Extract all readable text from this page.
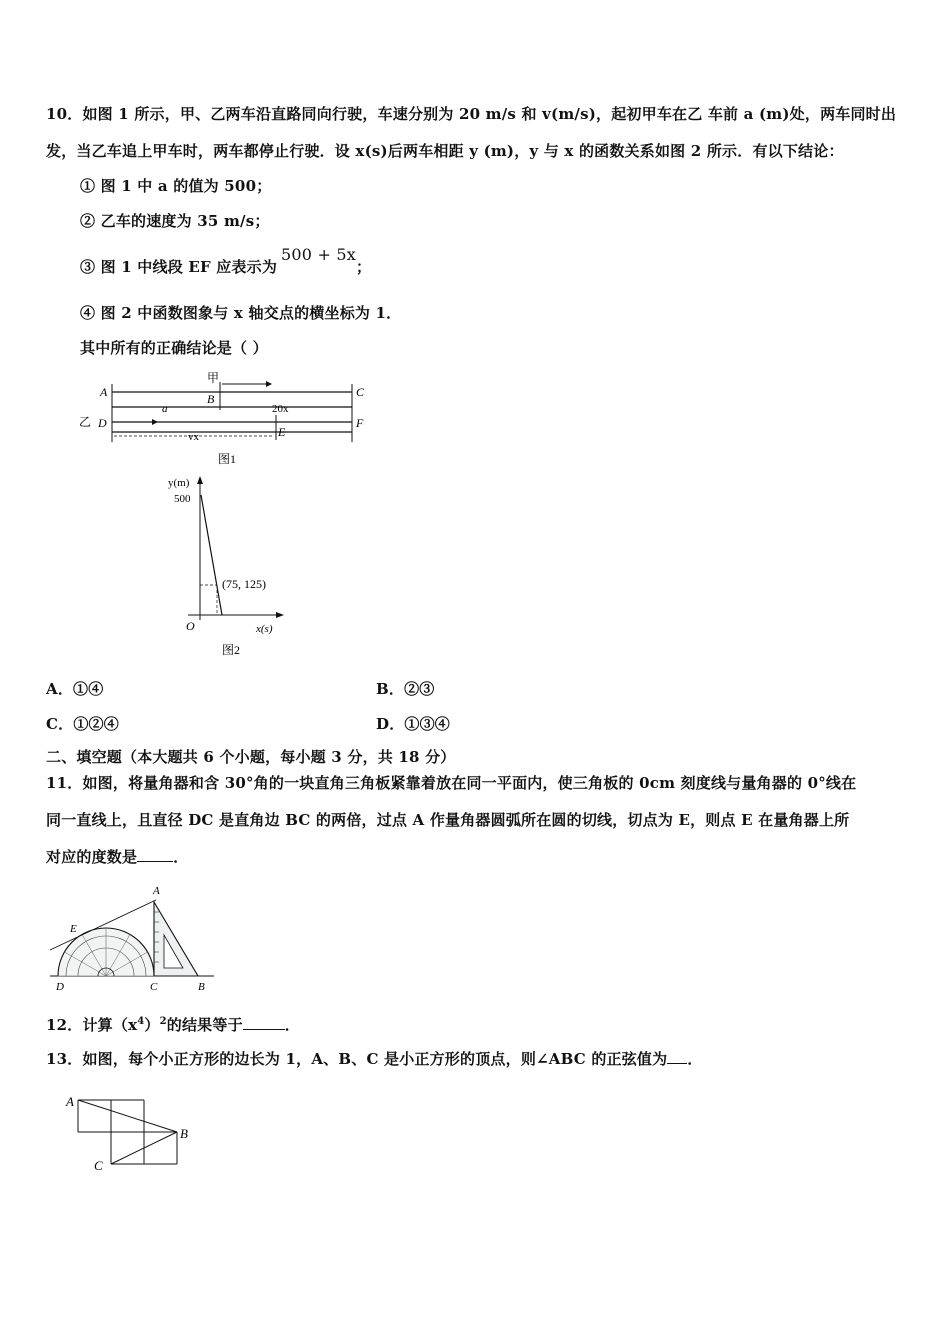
10．如图 1 所示，甲、乙两车沿直路同向行驶，车速分别为 20 m/s 和 v(m/s)，起初甲车在乙 车前 a (m)处，两车同时出
发，当乙车追上甲车时，两车都停止行驶．设 x(s)后两车相距 y (m)，y 与 x 的函数关系如图 2 所示．有以下结论：
① 图 1 中 a 的值为 500；
② 乙车的速度为 35 m/s；
③ 图 1 中线段 EF 应表示为500 + 5x；
④ 图 2 中函数图象与 x 轴交点的横坐标为 1．
其中所有的正确结论是（ ）
甲
乙
A	B	C
D
E
F
a	20x
vx
图1
y(m)
500
(75, 125)
O	x(s)
图2
A．①④	B．②③
C．①②④	D．①③④
二、填空题（本大题共 6 个小题，每小题 3 分，共 18 分）
11．如图，将量角器和含 30°角的一块直角三角板紧靠着放在同一平面内，使三角板的 0cm 刻度线与量角器的 0°线在
同一直线上，且直径 DC 是直角边 BC 的两倍，过点 A 作量角器圆弧所在圆的切线，切点为 E，则点 E 在量角器上所
对应的度数是 ．
A
E
D	C	B
12．计算$(x^4)^2$的结果等于	．
13．如图，每个小正方形的边长为 1，A、B、C 是小正方形的顶点，则∠ABC 的正弦值为 ．
A
B
C
